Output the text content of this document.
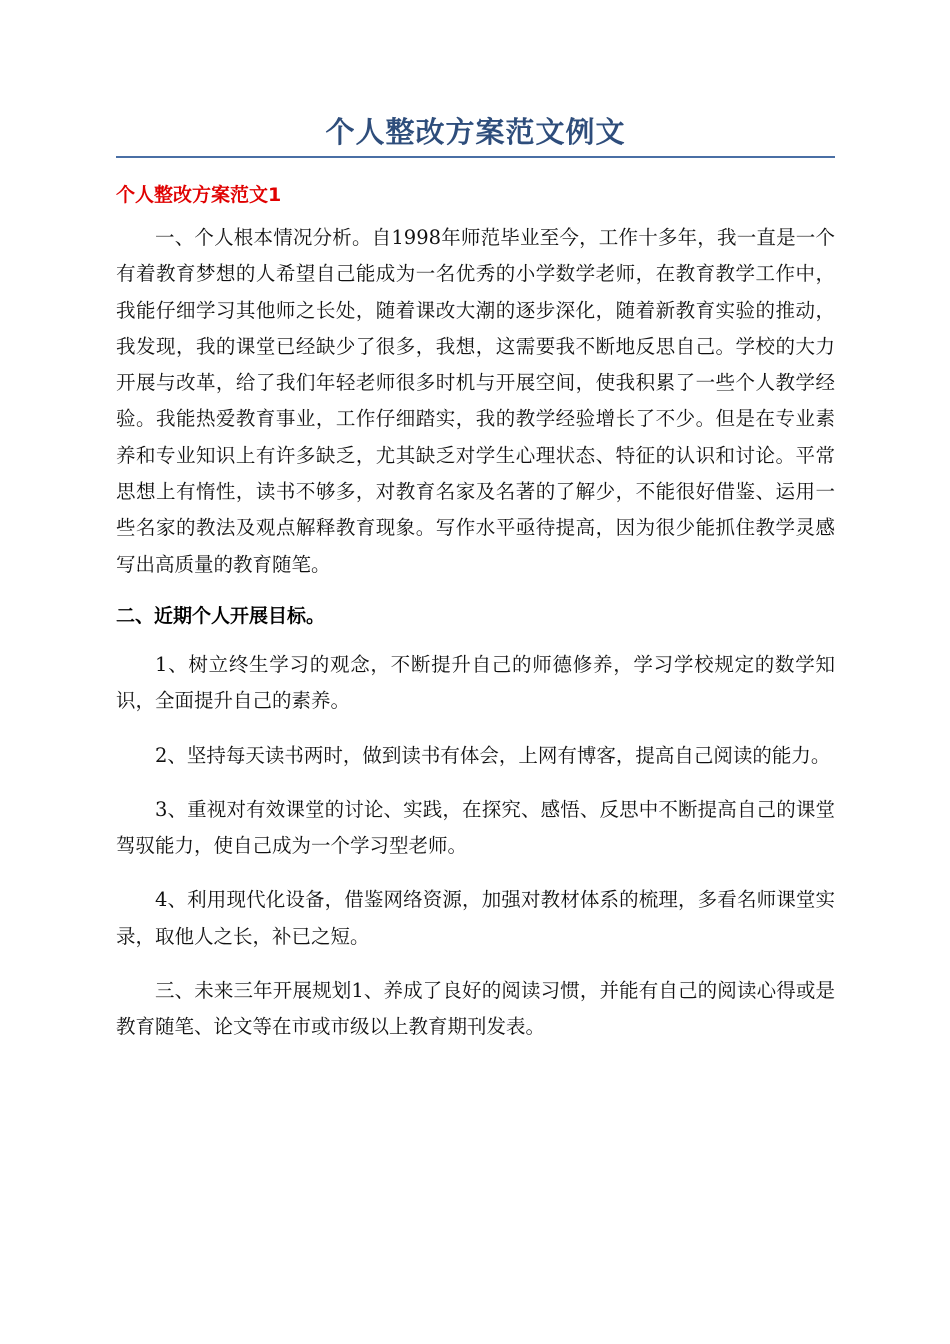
个人整改方案范文例文
个人整改方案范文1

一、个人根本情况分析。自1998年师范毕业至今，工作十多年，我一直是一个有着教育梦想的人希望自己能成为一名优秀的小学数学老师，在教育教学工作中，我能仔细学习其他师之长处，随着课改大潮的逐步深化，随着新教育实验的推动，我发现，我的课堂已经缺少了很多，我想，这需要我不断地反思自己。学校的大力开展与改革，给了我们年轻老师很多时机与开展空间，使我积累了一些个人教学经验。我能热爱教育事业，工作仔细踏实，我的教学经验增长了不少。但是在专业素养和专业知识上有许多缺乏，尤其缺乏对学生心理状态、特征的认识和讨论。平常思想上有惰性，读书不够多，对教育名家及名著的了解少，不能很好借鉴、运用一些名家的教法及观点解释教育现象。写作水平亟待提高，因为很少能抓住教学灵感写出高质量的教育随笔。

二、近期个人开展目标。

1、树立终生学习的观念，不断提升自己的师德修养，学习学校规定的数学知识，全面提升自己的素养。

2、坚持每天读书两时，做到读书有体会，上网有博客，提高自己阅读的能力。

3、重视对有效课堂的讨论、实践，在探究、感悟、反思中不断提高自己的课堂驾驭能力，使自己成为一个学习型老师。

4、利用现代化设备，借鉴网络资源，加强对教材体系的梳理，多看名师课堂实录，取他人之长，补已之短。

三、未来三年开展规划1、养成了良好的阅读习惯，并能有自己的阅读心得或是教育随笔、论文等在市或市级以上教育期刊发表。
